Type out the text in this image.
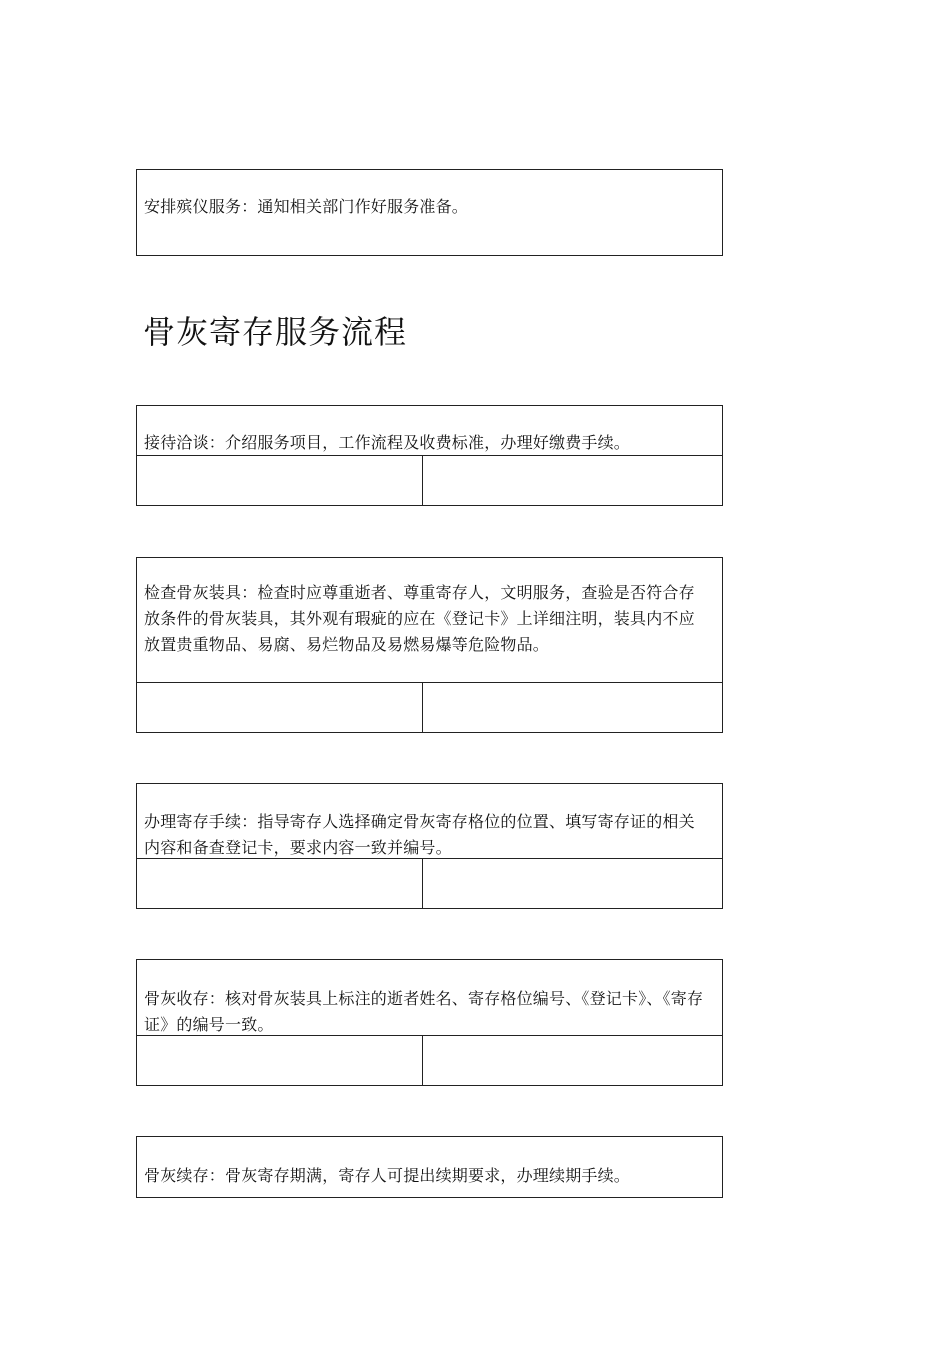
安排殡仪服务：通知相关部门作好服务准备。
骨灰寄存服务流程
接待洽谈：介绍服务项目，工作流程及收费标准，办理好缴费手续。
检查骨灰装具：检查时应尊重逝者、尊重寄存人，文明服务，查验是否符合存放条件的骨灰装具，其外观有瑕疵的应在《登记卡》上详细注明，装具内不应放置贵重物品、易腐、易烂物品及易燃易爆等危险物品。
办理寄存手续：指导寄存人选择确定骨灰寄存格位的位置、填写寄存证的相关内容和备查登记卡，要求内容一致并编号。
骨灰收存：核对骨灰装具上标注的逝者姓名、寄存格位编号、《登记卡》、《寄存证》的编号一致。
骨灰续存：骨灰寄存期满，寄存人可提出续期要求，办理续期手续。
